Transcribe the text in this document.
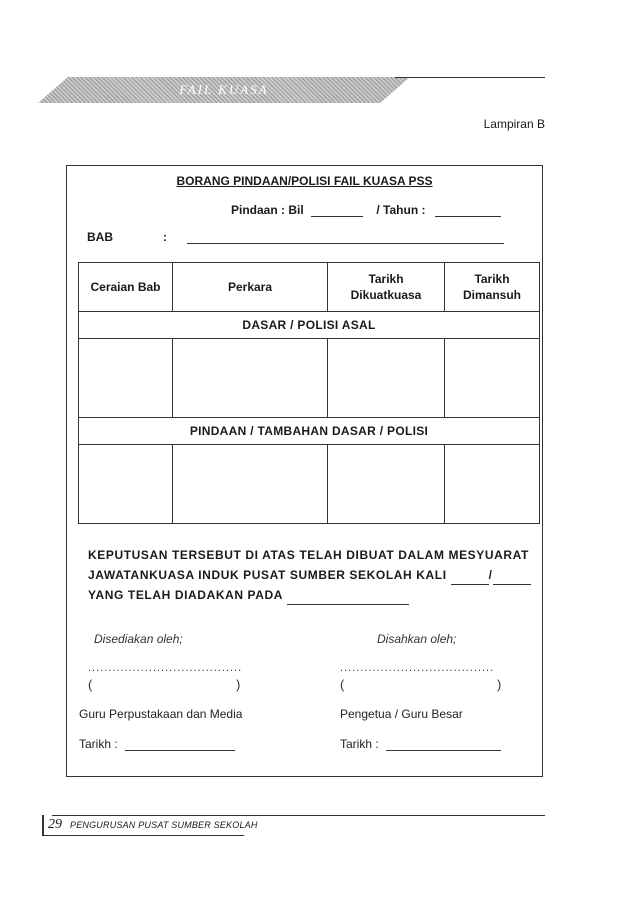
FAIL KUASA
Lampiran B
BORANG PINDAAN/POLISI FAIL KUASA PSS
Pindaan : Bil	/ Tahun :
BAB	:
Ceraian Bab	Perkara	Tarikh Dikuatkuasa	Tarikh Dimansuh
DASAR / POLISI ASAL			

PINDAAN / TAMBAHAN DASAR / POLISI			

KEPUTUSAN TERSEBUT DI ATAS TELAH DIBUAT DALAM MESYUARAT
JAWATANKUASA INDUK PUSAT SUMBER SEKOLAH KALI	/
YANG TELAH DIADAKAN PADA
Disediakan oleh;
......................................
(	)
Guru Perpustakaan dan Media
Tarikh :
Disahkan oleh;
......................................
(	)
Pengetua / Guru Besar
Tarikh :
29 PENGURUSAN PUSAT SUMBER SEKOLAH
